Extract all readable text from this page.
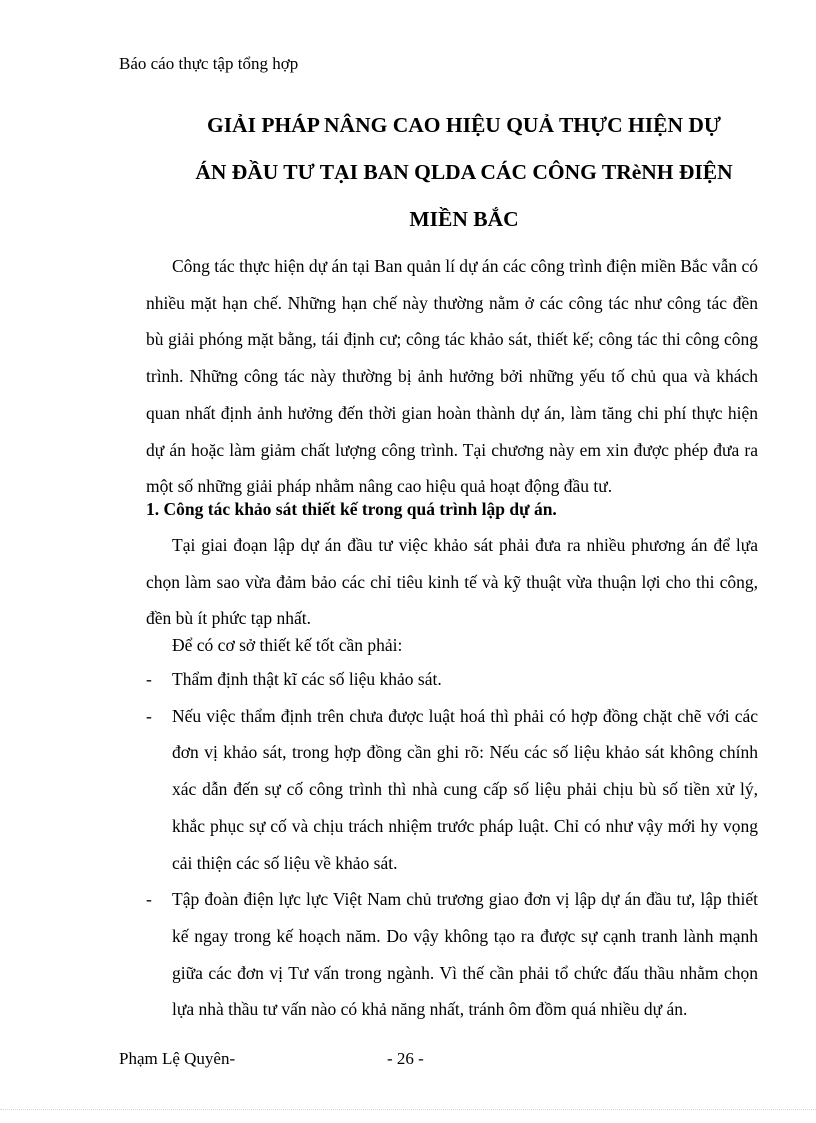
Báo cáo thực tập tổng hợp
GIẢI PHÁP NÂNG CAO HIỆU QUẢ THỰC HIỆN DỰ
ÁN ĐẦU TƯ TẠI BAN QLDA CÁC CÔNG TRèNH ĐIỆN
MIỀN BẮC

Công tác thực hiện dự án tại Ban quản lí dự án các công trình điện miền Bắc vẫn có nhiều mặt hạn chế. Những hạn chế này thường nằm ở các công tác như công tác đền bù giải phóng mặt bằng, tái định cư; công tác khảo sát, thiết kế; công tác thi công công trình. Những công tác này thường bị ảnh hưởng bởi những yếu tố chủ qua và khách quan nhất định ảnh hưởng đến thời gian hoàn thành dự án, làm tăng chi phí thực hiện dự án hoặc làm giảm chất lượng công trình. Tại chương này em xin được phép đưa ra một số những giải pháp nhằm nâng cao hiệu quả hoạt động đầu tư.

1. Công tác khảo sát thiết kế trong quá trình lập dự án.

Tại giai đoạn lập dự án đầu tư việc khảo sát phải đưa ra nhiều phương án để lựa chọn làm sao vừa đảm bảo các chỉ tiêu kinh tế và kỹ thuật vừa thuận lợi cho thi công, đền bù ít phức tạp nhất.

Để có cơ sở thiết kế tốt cần phải:

- Thẩm định thật kĩ các số liệu khảo sát.
- Nếu việc thẩm định trên chưa được luật hoá thì phải có hợp đồng chặt chẽ với các đơn vị khảo sát, trong hợp đồng cần ghi rõ: Nếu các số liệu khảo sát không chính xác dẫn đến sự cố công trình thì nhà cung cấp số liệu phải chịu bù số tiền xử lý, khắc phục sự cố và chịu trách nhiệm trước pháp luật. Chỉ có như vậy mới hy vọng cải thiện các số liệu về khảo sát.
- Tập đoàn điện lực lực Việt Nam chủ trương giao đơn vị lập dự án đầu tư, lập thiết kế ngay trong kế hoạch năm. Do vậy không tạo ra được sự cạnh tranh lành mạnh giữa các đơn vị Tư vấn trong ngành. Vì thế cần phải tổ chức đấu thầu nhằm chọn lựa nhà thầu tư vấn nào có khả năng nhất, tránh ôm đồm quá nhiều dự án.
Phạm Lệ Quyên-	- 26 -
